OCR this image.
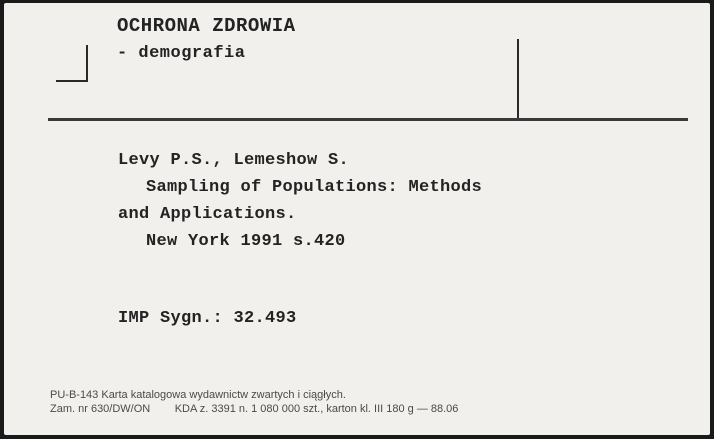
OCHRONA ZDROWIA
- demografia
Levy P.S., Lemeshow S.
Sampling of Populations: Methods
and Applications.
New York 1991 s.420
IMP Sygn.: 32.493
PU-B-143 Karta katalogowa wydawnictw zwartych i ciągłych.
Zam. nr 630/DW/ON        KDA z. 3391 n. 1 080 000 szt., karton kl. III 180 g — 88.06
